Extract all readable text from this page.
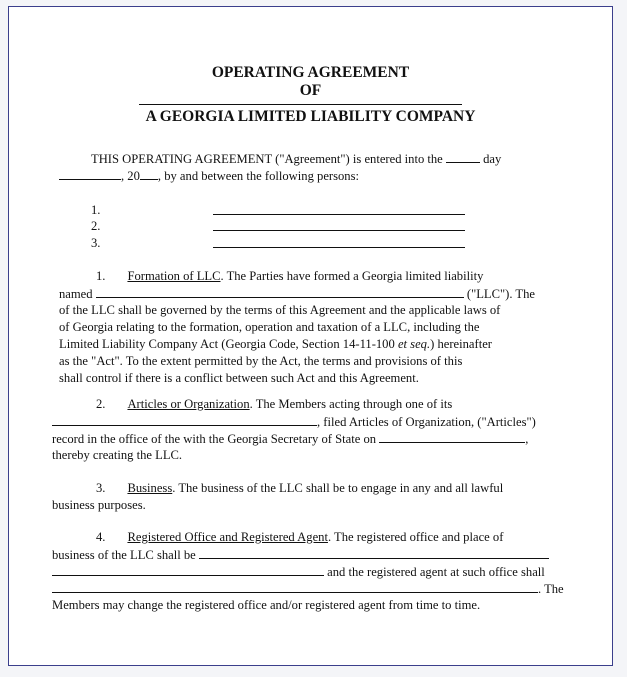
OPERATING AGREEMENT
OF
A GEORGIA LIMITED LIABILITY COMPANY
THIS OPERATING AGREEMENT ("Agreement") is entered into the	day
, 20 , by and between the following persons:
1.
2.
3.
1. Formation of LLC. The Parties have formed a Georgia limited liability
named	("LLC"). The
of the LLC shall be governed by the terms of this Agreement and the applicable laws of
of Georgia relating to the formation, operation and taxation of a LLC, including the
Limited Liability Company Act (Georgia Code, Section 14-11-100 et seq.) hereinafter
as the "Act". To the extent permitted by the Act, the terms and provisions of this
shall control if there is a conflict between such Act and this Agreement.
2. Articles or Organization. The Members acting through one of its
, filed Articles of Organization, ("Articles")
record in the office of the with the Georgia Secretary of State on	,
thereby creating the LLC.
3. Business. The business of the LLC shall be to engage in any and all lawful
business purposes.
4. Registered Office and Registered Agent. The registered office and place of
business of the LLC shall be
and the registered agent at such office shall
. The
Members may change the registered office and/or registered agent from time to time.
